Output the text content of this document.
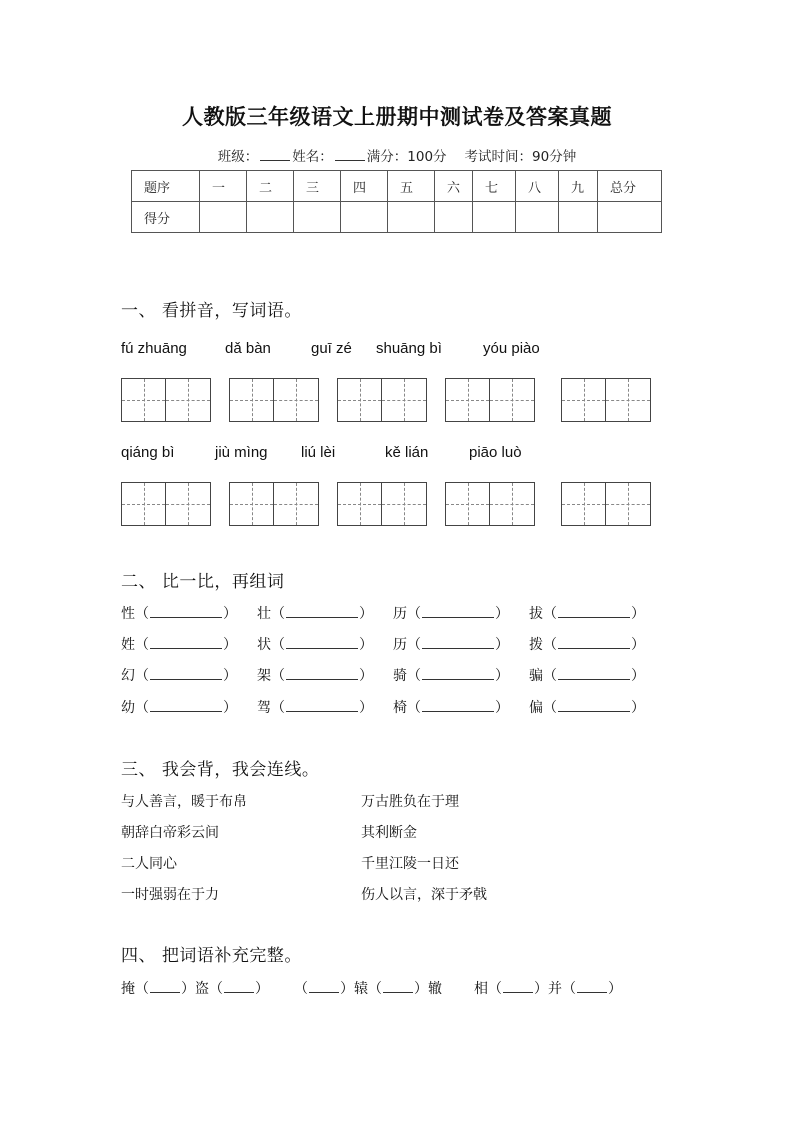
人教版三年级语文上册期中测试卷及答案真题
班级：	姓名：	满分：100分 考试时间：90分钟
题序	一	二	三	四	五	六	七	八	九	总分
得分										
一、 看拼音，写词语。
fú zhuāng	dǎ bàn	guī zé shuāng bì	yóu piào
qiáng bì	jiù mìng liú lèi	kě lián	piāo luò
二、 比一比，再组词
性（	） 壮（	） 历（	） 拔（	）
姓（	） 状（	） 历（	） 拨（	）
幻（	） 架（	） 骑（	） 骗（	）
幼（	） 驾（	） 椅（	） 偏（	）
三、 我会背，我会连线。
与人善言，暖于布帛
朝辞白帝彩云间
二人同心
一时强弱在于力
万古胜负在于理
其利断金
千里江陵一日还
伤人以言，深于矛戟
四、 把词语补充完整。
掩（ ）盗（ ） （ ）辕（ ）辙 相（ ）并（ ）
